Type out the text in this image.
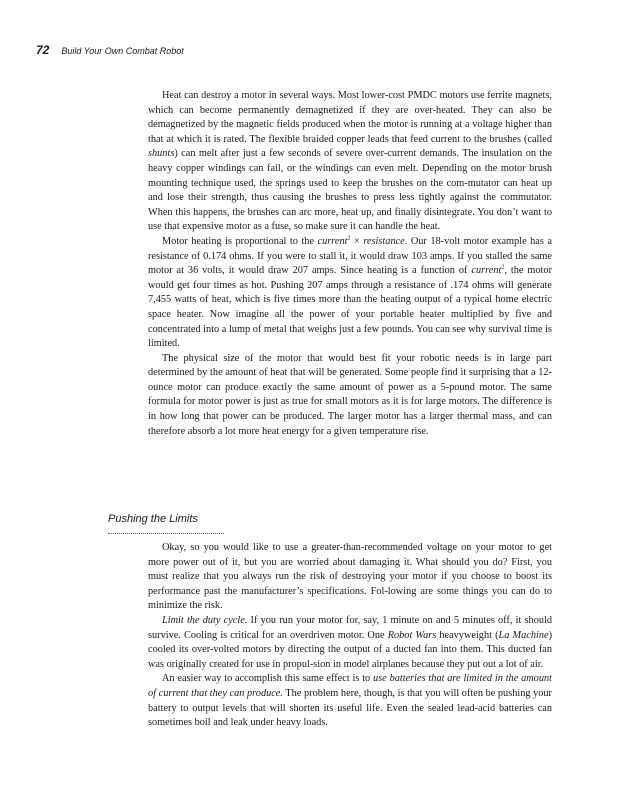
72 Build Your Own Combat Robot

Heat can destroy a motor in several ways. Most lower-cost PMDC motors use ferrite magnets, which can become permanently demagnetized if they are over-heated. They can also be demagnetized by the magnetic fields produced when the motor is running at a voltage higher than that at which it is rated. The flexible braided copper leads that feed current to the brushes (called shunts) can melt after just a few seconds of severe over-current demands. The insulation on the heavy copper windings can fail, or the windings can even melt. Depending on the motor brush mounting technique used, the springs used to keep the brushes on the com-mutator can heat up and lose their strength, thus causing the brushes to press less tightly against the commutator. When this happens, the brushes can arc more, heat up, and finally disintegrate. You don’t want to use that expensive motor as a fuse, so make sure it can handle the heat.

Motor heating is proportional to the current$^2$ × resistance. Our 18-volt motor example has a resistance of 0.174 ohms. If you were to stall it, it would draw 103 amps. If you stalled the same motor at 36 volts, it would draw 207 amps. Since heating is a function of current$^2$, the motor would get four times as hot. Pushing 207 amps through a resistance of .174 ohms will generate 7,455 watts of heat, which is five times more than the heating output of a typical home electric space heater. Now imagine all the power of your portable heater multiplied by five and concentrated into a lump of metal that weighs just a few pounds. You can see why survival time is limited.

The physical size of the motor that would best fit your robotic needs is in large part determined by the amount of heat that will be generated. Some people find it surprising that a 12-ounce motor can produce exactly the same amount of power as a 5-pound motor. The same formula for motor power is just as true for small motors as it is for large motors. The difference is in how long that power can be produced. The larger motor has a larger thermal mass, and can therefore absorb a lot more heat energy for a given temperature rise.

Pushing the Limits

Okay, so you would like to use a greater-than-recommended voltage on your motor to get more power out of it, but you are worried about damaging it. What should you do? First, you must realize that you always run the risk of destroying your motor if you choose to boost its performance past the manufacturer’s specifications. Fol-lowing are some things you can do to minimize the risk.

Limit the duty cycle. If you run your motor for, say, 1 minute on and 5 minutes off, it should survive. Cooling is critical for an overdriven motor. One Robot Wars heavyweight (La Machine) cooled its over-volted motors by directing the output of a ducted fan into them. This ducted fan was originally created for use in propul-sion in model airplanes because they put out a lot of air.

An easier way to accomplish this same effect is to use batteries that are limited in the amount of current that they can produce. The problem here, though, is that you will often be pushing your battery to output levels that will shorten its useful life. Even the sealed lead-acid batteries can sometimes boil and leak under heavy loads.
